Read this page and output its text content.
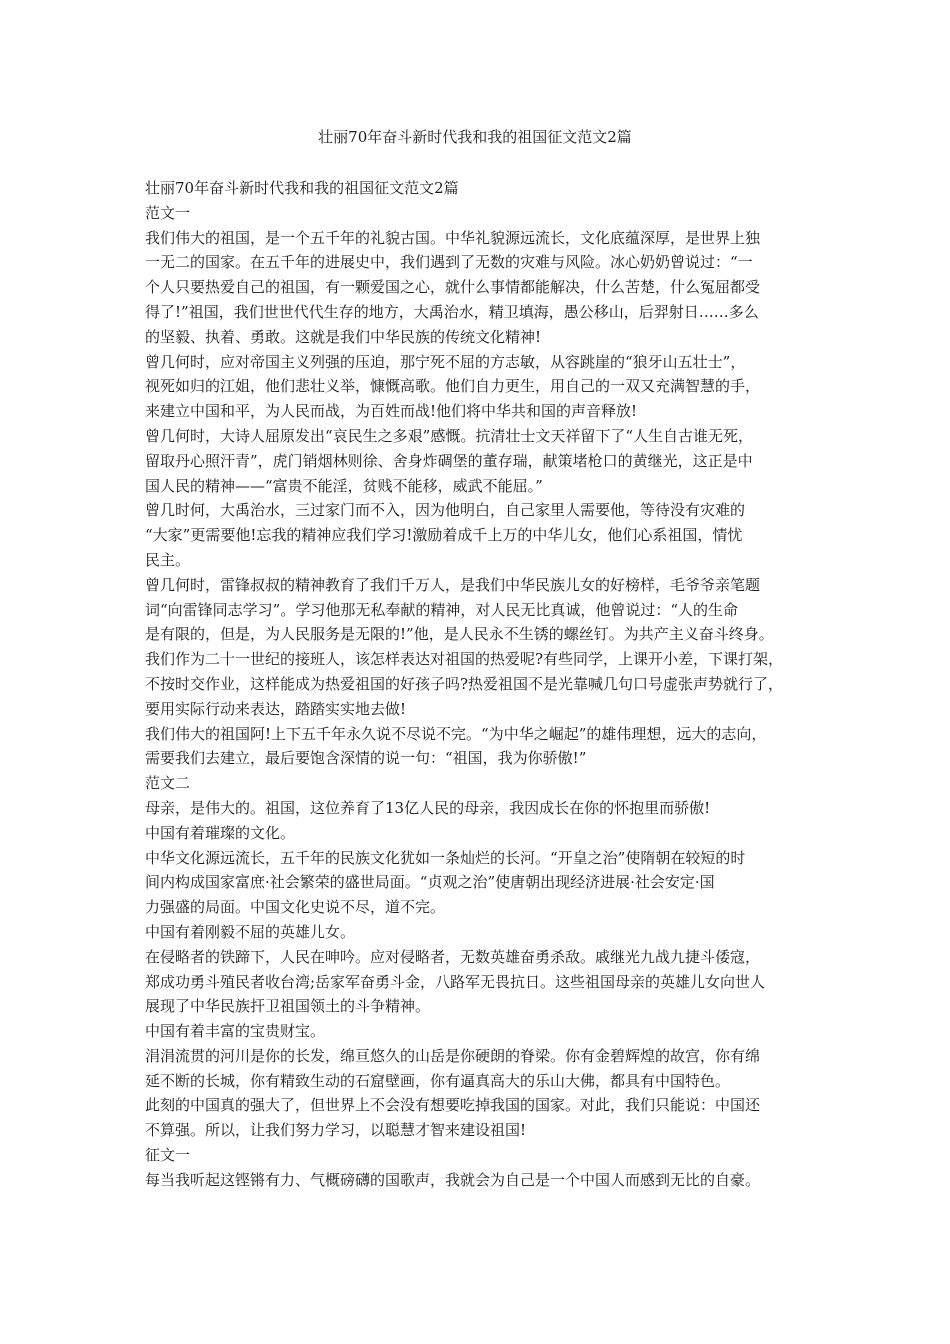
壮丽70年奋斗新时代我和我的祖国征文范文2篇
壮丽70年奋斗新时代我和我的祖国征文范文2篇
范文一
我们伟大的祖国，是一个五千年的礼貌古国。中华礼貌源远流长，文化底蕴深厚，是世界上独
一无二的国家。在五千年的进展史中，我们遇到了无数的灾难与风险。冰心奶奶曾说过：“一
个人只要热爱自己的祖国，有一颗爱国之心，就什么事情都能解决，什么苦楚，什么冤屈都受
得了!”祖国，我们世世代代生存的地方，大禹治水，精卫填海，愚公移山，后羿射日……多么
的坚毅、执着、勇敢。这就是我们中华民族的传统文化精神!
曾几何时，应对帝国主义列强的压迫，那宁死不屈的方志敏，从容跳崖的“狼牙山五壮士”，
视死如归的江姐，他们悲壮义举，慷慨高歌。他们自力更生，用自己的一双又充满智慧的手，
来建立中国和平，为人民而战，为百姓而战!他们将中华共和国的声音释放!
曾几何时，大诗人屈原发出“哀民生之多艰”感慨。抗清壮士文天祥留下了“人生自古谁无死，
留取丹心照汗青”，虎门销烟林则徐、舍身炸碉堡的董存瑞，献策堵枪口的黄继光，这正是中
国人民的精神——“富贵不能淫，贫贱不能移，威武不能屈。”
曾几时何，大禹治水，三过家门而不入，因为他明白，自己家里人需要他，等待没有灾难的
“大家”更需要他!忘我的精神应我们学习!激励着成千上万的中华儿女，他们心系祖国，情忧
民主。
曾几何时，雷锋叔叔的精神教育了我们千万人，是我们中华民族儿女的好榜样，毛爷爷亲笔题
词“向雷锋同志学习”。学习他那无私奉献的精神，对人民无比真诚，他曾说过：“人的生命
是有限的，但是，为人民服务是无限的!”他，是人民永不生锈的螺丝钉。为共产主义奋斗终身。
我们作为二十一世纪的接班人，该怎样表达对祖国的热爱呢?有些同学，上课开小差，下课打架，
不按时交作业，这样能成为热爱祖国的好孩子吗?热爱祖国不是光靠喊几句口号虚张声势就行了，
要用实际行动来表达，踏踏实实地去做!
我们伟大的祖国阿!上下五千年永久说不尽说不完。“为中华之崛起”的雄伟理想，远大的志向，
需要我们去建立，最后要饱含深情的说一句：“祖国，我为你骄傲!”
范文二
母亲，是伟大的。祖国，这位养育了13亿人民的母亲，我因成长在你的怀抱里而骄傲!
中国有着璀璨的文化。
中华文化源远流长，五千年的民族文化犹如一条灿烂的长河。“开皇之治”使隋朝在较短的时
间内构成国家富庶·社会繁荣的盛世局面。“贞观之治”使唐朝出现经济进展·社会安定·国
力强盛的局面。中国文化史说不尽，道不完。
中国有着刚毅不屈的英雄儿女。
在侵略者的铁蹄下，人民在呻吟。应对侵略者，无数英雄奋勇杀敌。戚继光九战九捷斗倭寇，
郑成功勇斗殖民者收台湾;岳家军奋勇斗金，八路军无畏抗日。这些祖国母亲的英雄儿女向世人
展现了中华民族扞卫祖国领土的斗争精神。
中国有着丰富的宝贵财宝。
涓涓流贯的河川是你的长发，绵亘悠久的山岳是你硬朗的脊梁。你有金碧辉煌的故宫，你有绵
延不断的长城，你有精致生动的石窟壁画，你有逼真高大的乐山大佛，都具有中国特色。
此刻的中国真的强大了，但世界上不会没有想要吃掉我国的国家。对此，我们只能说：中国还
不算强。所以，让我们努力学习，以聪慧才智来建设祖国!
征文一
每当我听起这铿锵有力、气概磅礴的国歌声，我就会为自己是一个中国人而感到无比的自豪。
